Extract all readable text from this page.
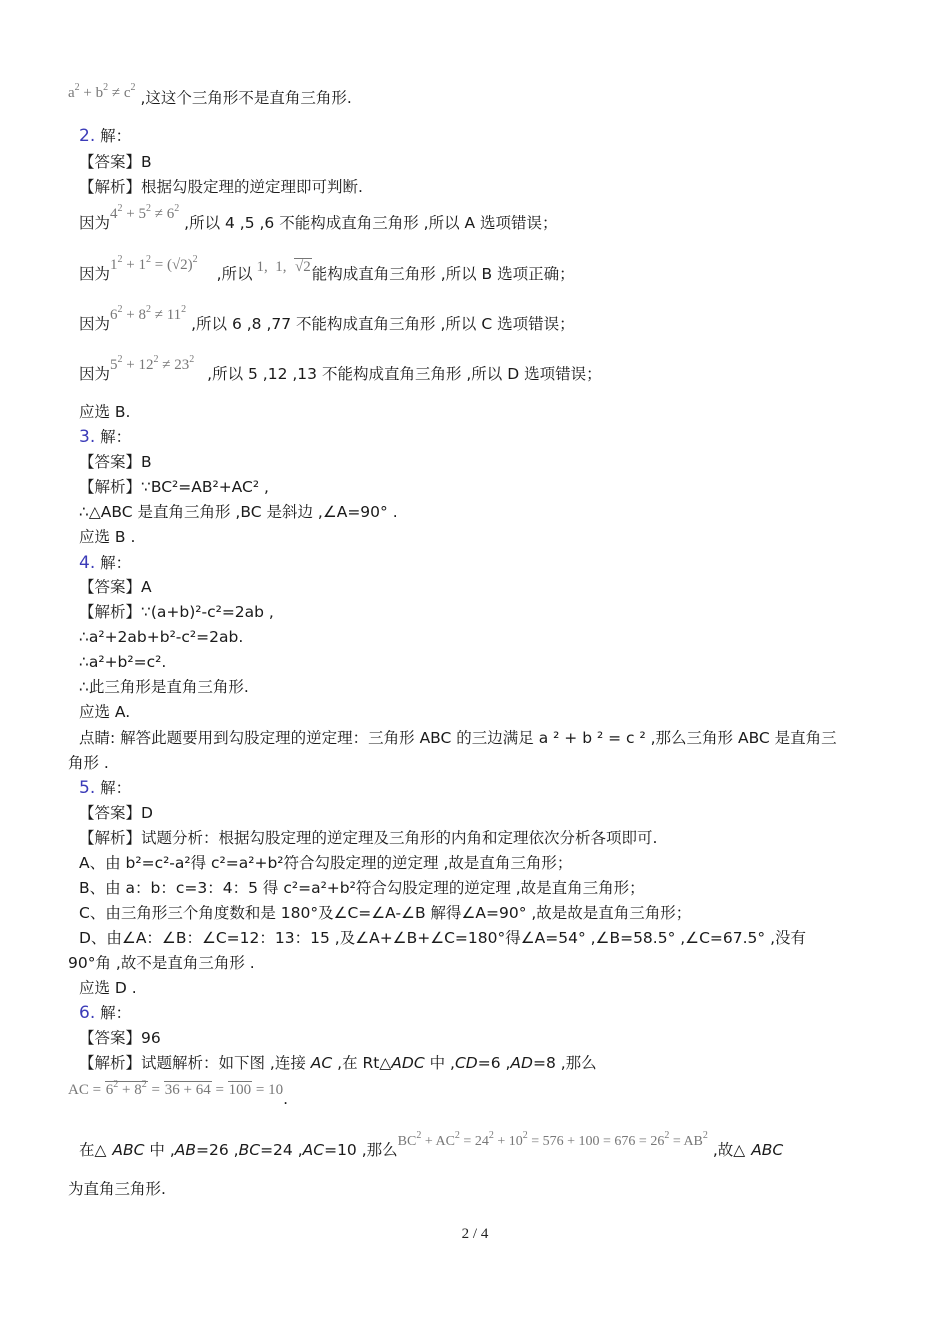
$a^2 + b^2 \ne c^2$ ,这这个三角形不是直角三角形.
2. 解：
【答案】B
【解析】根据勾股定理的逆定理即可判断.
因为$4^2 + 5^2 \ne 6^2$ ,所以 4 ,5 ,6 不能构成直角三角形 ,所以 A 选项错误；
因为$1^2 + 1^2 = (√2)^2$ ,所以 1,  1,  √2能构成直角三角形 ,所以 B 选项正确；
因为$6^2 + 8^2 \ne 11^2$ ,所以 6 ,8 ,77 不能构成直角三角形 ,所以 C 选项错误；
因为$5^2 + 12^2 \ne 23^2$ ,所以 5 ,12 ,13 不能构成直角三角形 ,所以 D 选项错误；
应选 B.
3. 解：
【答案】B
【解析】∵BC²=AB²+AC² ,
∴△ABC 是直角三角形 ,BC 是斜边 ,∠A=90° .
应选 B .
4. 解：
【答案】A
【解析】∵(a+b)²-c²=2ab ,
∴a²+2ab+b²-c²=2ab.
∴a²+b²=c².
∴此三角形是直角三角形.
应选 A.
点睛: 解答此题要用到勾股定理的逆定理：三角形 ABC 的三边满足 a ² + b ² = c ² ,那么三角形 ABC 是直角三
角形 .
5. 解：
【答案】D
【解析】试题分析：根据勾股定理的逆定理及三角形的内角和定理依次分析各项即可.
A、由 b²=c²-a²得 c²=a²+b²符合勾股定理的逆定理 ,故是直角三角形；
B、由 a：b：c=3：4：5 得 c²=a²+b²符合勾股定理的逆定理 ,故是直角三角形；
C、由三角形三个角度数和是 180°及∠C=∠A-∠B 解得∠A=90° ,故是故是直角三角形；
D、由∠A：∠B：∠C=12：13：15 ,及∠A+∠B+∠C=180°得∠A=54° ,∠B=58.5° ,∠C=67.5° ,没有
90°角 ,故不是直角三角形 .
应选 D .
6. 解：
【答案】96
【解析】试题解析：如下图 ,连接 AC ,在 Rt△ADC 中 ,CD=6 ,AD=8 ,那么
AC = $6^2 + 8^2 = 36 + 64 = 100 = 10$.
在△ ABC 中 ,AB=26 ,BC=24 ,AC=10 ,那么$BC^2 + AC^2 = 24^2 + 10^2 = 576 + 100 = 676 = 26^2 = AB^2$ ,故△ ABC
为直角三角形.
2 / 4
